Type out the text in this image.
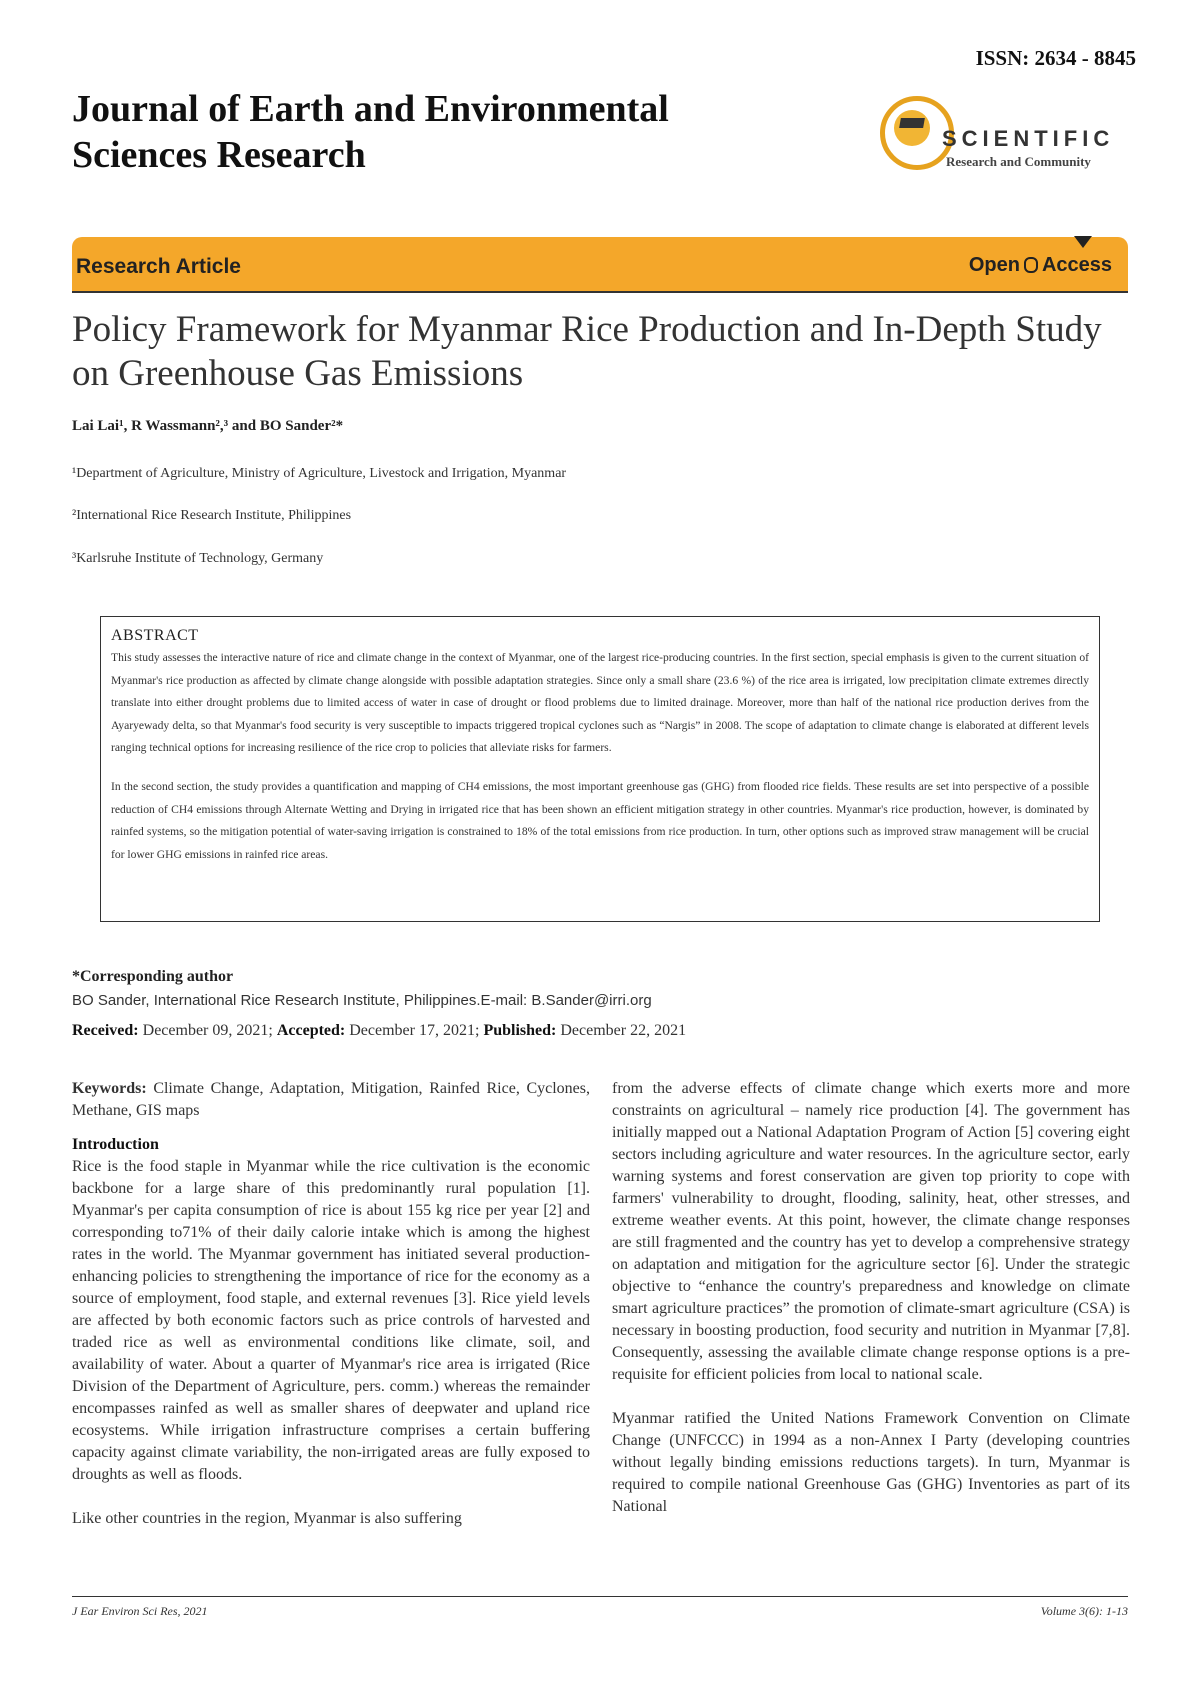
ISSN: 2634 - 8845
Journal of Earth and Environmental
Sciences Research	SCIENTIFIC
Research and Community
Research Article	Open Access
Policy Framework for Myanmar Rice Production and In-Depth Study on Greenhouse Gas Emissions
Lai Lai¹, R Wassmann²,³ and BO Sander²*
¹Department of Agriculture, Ministry of Agriculture, Livestock and Irrigation, Myanmar
²International Rice Research Institute, Philippines
³Karlsruhe Institute of Technology, Germany
ABSTRACT

This study assesses the interactive nature of rice and climate change in the context of Myanmar, one of the largest rice-producing countries. In the first section, special emphasis is given to the current situation of Myanmar's rice production as affected by climate change alongside with possible adaptation strategies. Since only a small share (23.6 %) of the rice area is irrigated, low precipitation climate extremes directly translate into either drought problems due to limited access of water in case of drought or flood problems due to limited drainage. Moreover, more than half of the national rice production derives from the Ayaryewady delta, so that Myanmar's food security is very susceptible to impacts triggered tropical cyclones such as “Nargis” in 2008. The scope of adaptation to climate change is elaborated at different levels ranging technical options for increasing resilience of the rice crop to policies that alleviate risks for farmers.

In the second section, the study provides a quantification and mapping of CH4 emissions, the most important greenhouse gas (GHG) from flooded rice fields. These results are set into perspective of a possible reduction of CH4 emissions through Alternate Wetting and Drying in irrigated rice that has been shown an efficient mitigation strategy in other countries. Myanmar's rice production, however, is dominated by rainfed systems, so the mitigation potential of water-saving irrigation is constrained to 18% of the total emissions from rice production. In turn, other options such as improved straw management will be crucial for lower GHG emissions in rainfed rice areas.

*Corresponding author
BO Sander, International Rice Research Institute, Philippines.E-mail: B.Sander@irri.org
Received: December 09, 2021; Accepted: December 17, 2021; Published: December 22, 2021

Keywords: Climate Change, Adaptation, Mitigation, Rainfed Rice, Cyclones, Methane, GIS maps

Introduction

Rice is the food staple in Myanmar while the rice cultivation is the economic backbone for a large share of this predominantly rural population [1]. Myanmar's per capita consumption of rice is about 155 kg rice per year [2] and corresponding to71% of their daily calorie intake which is among the highest rates in the world. The Myanmar government has initiated several production-enhancing policies to strengthening the importance of rice for the economy as a source of employment, food staple, and external revenues [3]. Rice yield levels are affected by both economic factors such as price controls of harvested and traded rice as well as environmental conditions like climate, soil, and availability of water. About a quarter of Myanmar's rice area is irrigated (Rice Division of the Department of Agriculture, pers. comm.) whereas the remainder encompasses rainfed as well as smaller shares of deepwater and upland rice ecosystems. While irrigation infrastructure comprises a certain buffering capacity against climate variability, the non-irrigated areas are fully exposed to droughts as well as floods.

Like other countries in the region, Myanmar is also suffering

from the adverse effects of climate change which exerts more and more constraints on agricultural – namely rice production [4]. The government has initially mapped out a National Adaptation Program of Action [5] covering eight sectors including agriculture and water resources. In the agriculture sector, early warning systems and forest conservation are given top priority to cope with farmers' vulnerability to drought, flooding, salinity, heat, other stresses, and extreme weather events. At this point, however, the climate change responses are still fragmented and the country has yet to develop a comprehensive strategy on adaptation and mitigation for the agriculture sector [6]. Under the strategic objective to “enhance the country's preparedness and knowledge on climate smart agriculture practices” the promotion of climate-smart agriculture (CSA) is necessary in boosting production, food security and nutrition in Myanmar [7,8]. Consequently, assessing the available climate change response options is a pre-requisite for efficient policies from local to national scale.

Myanmar ratified the United Nations Framework Convention on Climate Change (UNFCCC) in 1994 as a non-Annex I Party (developing countries without legally binding emissions reductions targets). In turn, Myanmar is required to compile national Greenhouse Gas (GHG) Inventories as part of its National

J Ear Environ Sci Res, 2021	Volume 3(6): 1-13
